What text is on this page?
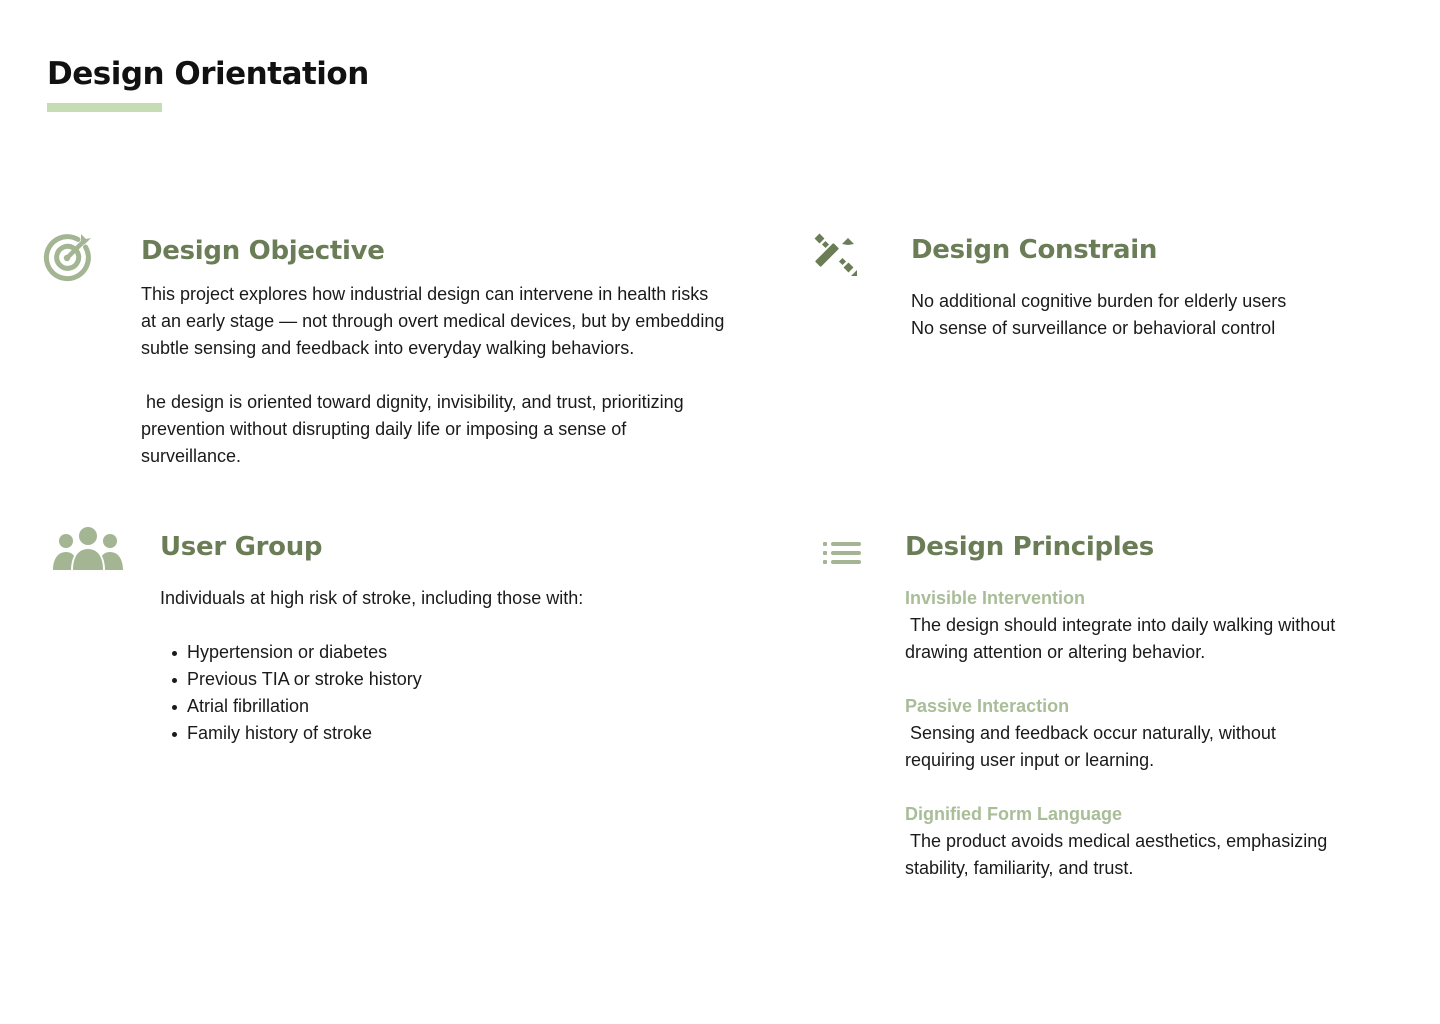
Design Orientation
Design Objective

This project explores how industrial design can intervene in health risks at an early stage — not through overt medical devices, but by embedding subtle sensing and feedback into everyday walking behaviors.

he design is oriented toward dignity, invisibility, and trust, prioritizing prevention without disrupting daily life or imposing a sense of surveillance.

Design Constrain
No additional cognitive burden for elderly users
No sense of surveillance or behavioral control
User Group

Individuals at high risk of stroke, including those with:

Hypertension or diabetes
Previous TIA or stroke history
Atrial fibrillation
Family history of stroke
Design Principles
Invisible Intervention

The design should integrate into daily walking without drawing attention or altering behavior.

Passive Interaction

Sensing and feedback occur naturally, without requiring user input or learning.

Dignified Form Language

The product avoids medical aesthetics, emphasizing stability, familiarity, and trust.
